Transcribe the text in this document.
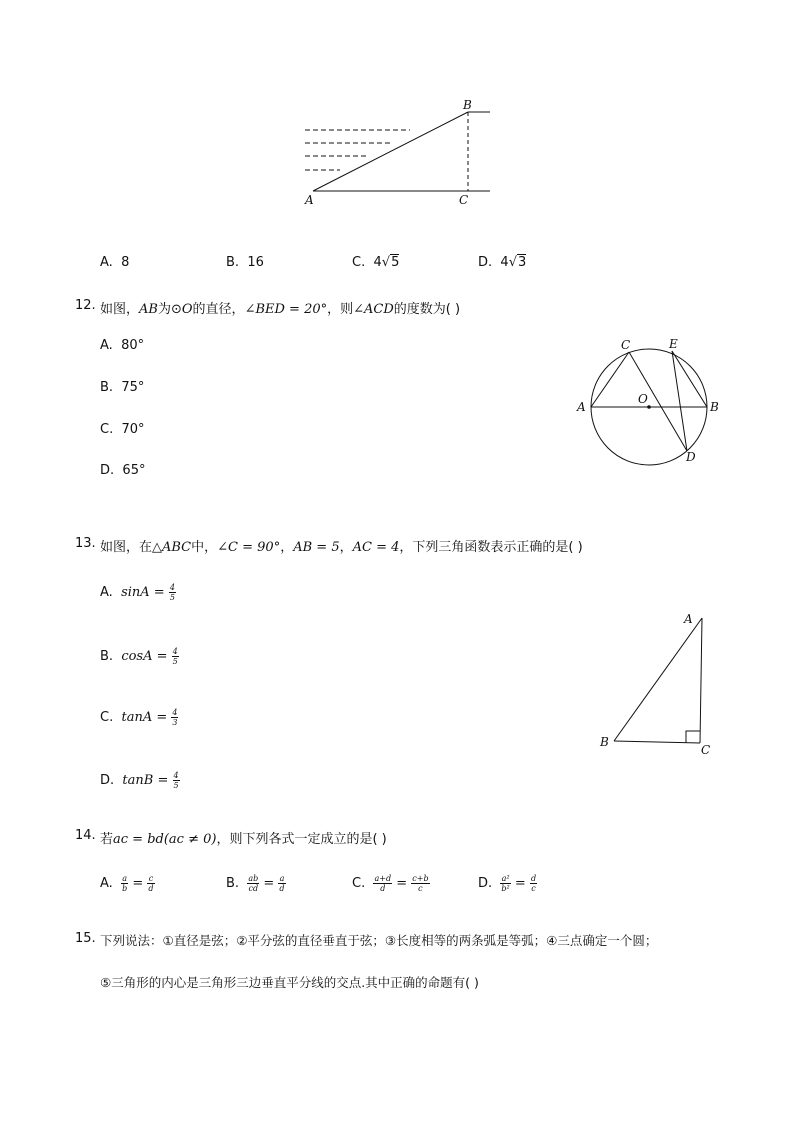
B
A	C
A. 8	B. 16	C. 4√5	D. 4√3
12. 如图，AB为⊙O的直径，∠BED = 20°，则∠ACD的度数为( )
A. 80°
B. 75°
C. 70°
D. 65°
A	B
C	E
O
D
13. 如图，在△ABC中，∠C = 90°，AB = 5，AC = 4，下列三角函数表示正确的是( )
A. $\sin A = \frac{4}{5}$
B. $\cos A = \frac{4}{5}$
C. $\tan A = \frac{4}{3}$
D. $\tan B = \frac{4}{5}$
A
B
C
14. 若ac = bd(ac ≠ 0)，则下列各式一定成立的是( )
A. $\frac{a}{b} = \frac{c}{d}$	B. $\frac{ab}{cd} = \frac{a}{d}$	C. $\frac{a+d}{d} = \frac{c+b}{c}$	D. $\frac{\text{a²}}{\text{b²}} = \frac{d}{c}$
15. 下列说法：①直径是弦；②平分弦的直径垂直于弦；③长度相等的两条弧是等弧；④三点确定一个圆；
⑤三角形的内心是三角形三边垂直平分线的交点.其中正确的命题有( )
